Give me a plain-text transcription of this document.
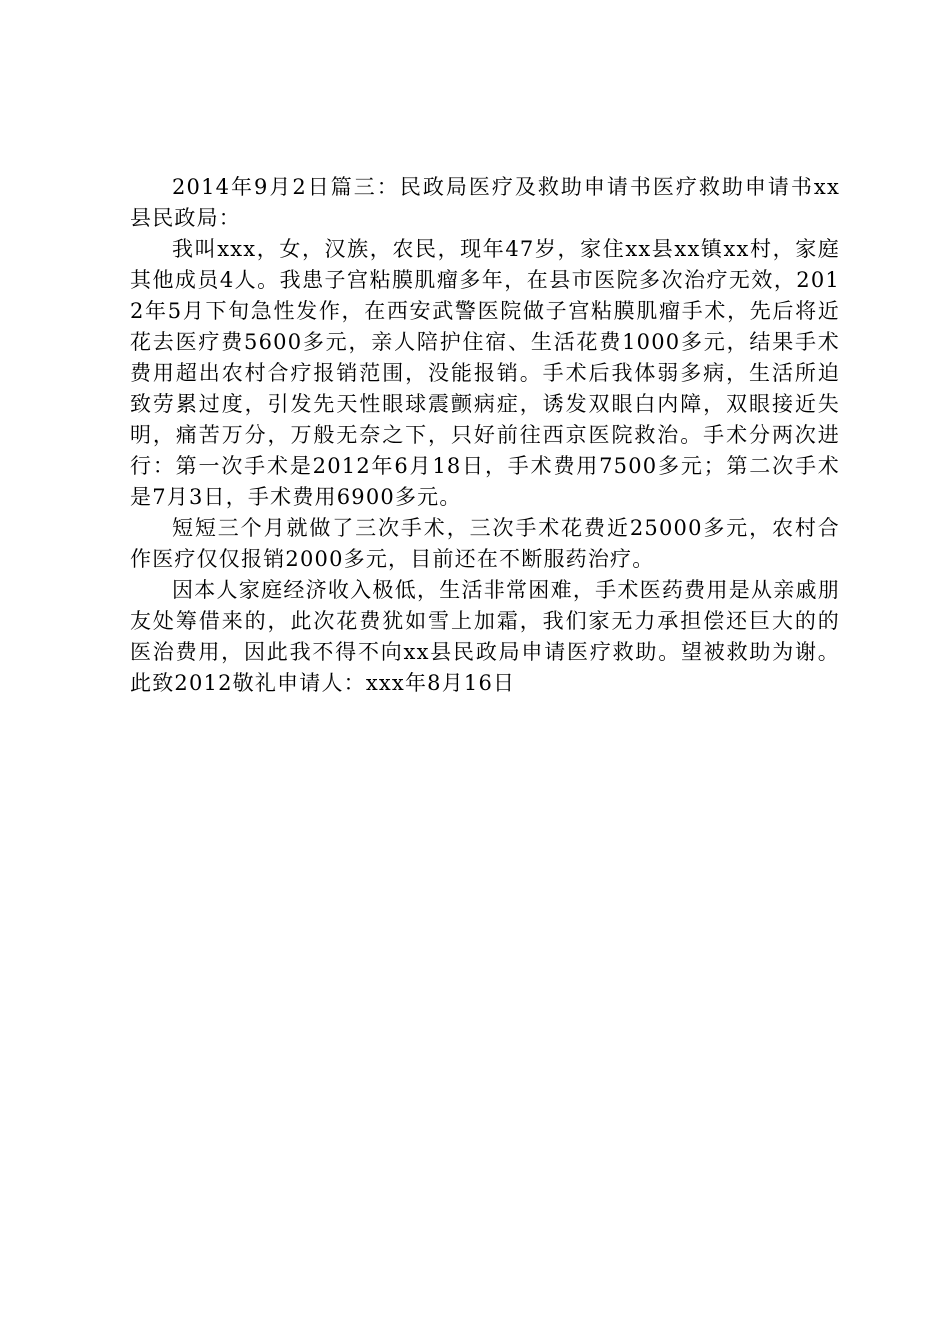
2014年9月2日篇三：民政局医疗及救助申请书医疗救助申请书xx县民政局：

我叫xxx，女，汉族，农民，现年47岁，家住xx县xx镇xx村，家庭其他成员4人。我患子宫粘膜肌瘤多年，在县市医院多次治疗无效，2012年5月下旬急性发作，在西安武警医院做子宫粘膜肌瘤手术，先后将近花去医疗费5600多元，亲人陪护住宿、生活花费1000多元，结果手术费用超出农村合疗报销范围，没能报销。手术后我体弱多病，生活所迫致劳累过度，引发先天性眼球震颤病症，诱发双眼白内障，双眼接近失明，痛苦万分，万般无奈之下，只好前往西京医院救治。手术分两次进行：第一次手术是2012年6月18日，手术费用7500多元；第二次手术是7月3日，手术费用6900多元。

短短三个月就做了三次手术，三次手术花费近25000多元，农村合作医疗仅仅报销2000多元，目前还在不断服药治疗。

因本人家庭经济收入极低，生活非常困难，手术医药费用是从亲戚朋友处筹借来的，此次花费犹如雪上加霜，我们家无力承担偿还巨大的的医治费用，因此我不得不向xx县民政局申请医疗救助。望被救助为谢。此致2012敬礼申请人：xxx年8月16日
